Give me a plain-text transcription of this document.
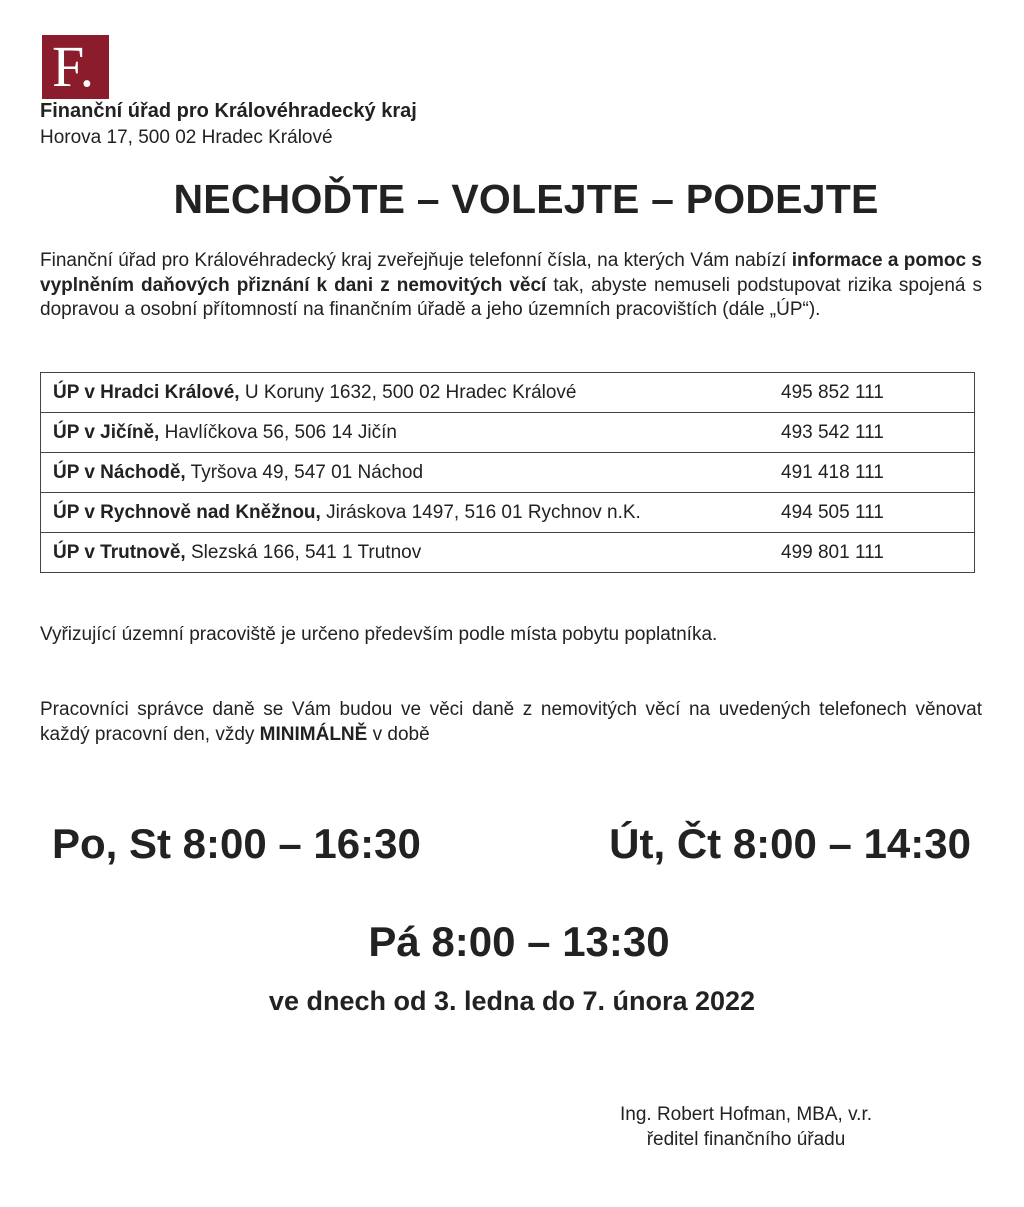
F.
Finanční úřad pro Královéhradecký kraj
Horova 17, 500 02 Hradec Králové
NECHOĎTE – VOLEJTE – PODEJTE
Finanční úřad pro Královéhradecký kraj zveřejňuje telefonní čísla, na kterých Vám nabízí informace a pomoc s vyplněním daňových přiznání k dani z nemovitých věcí tak, abyste nemuseli podstupovat rizika spojená s dopravou a osobní přítomností na finančním úřadě a jeho územních pracovištích (dále „ÚP“).
ÚP v Hradci Králové, U Koruny 1632, 500 02 Hradec Králové	495 852 111
ÚP v Jičíně, Havlíčkova 56, 506 14 Jičín	493 542 111
ÚP v Náchodě, Tyršova 49, 547 01 Náchod	491 418 111
ÚP v Rychnově nad Kněžnou, Jiráskova 1497, 516 01 Rychnov n.K.	494 505 111
ÚP v Trutnově, Slezská 166, 541 1 Trutnov	499 801 111
Vyřizující územní pracoviště je určeno především podle místa pobytu poplatníka.
Pracovníci správce daně se Vám budou ve věci daně z nemovitých věcí na uvedených telefonech věnovat každý pracovní den, vždy MINIMÁLNĚ v době
Po, St 8:00 – 16:30	Út, Čt 8:00 – 14:30
Pá 8:00 – 13:30
ve dnech od 3. ledna do 7. února 2022
Ing. Robert Hofman, MBA, v.r.
ředitel finančního úřadu
